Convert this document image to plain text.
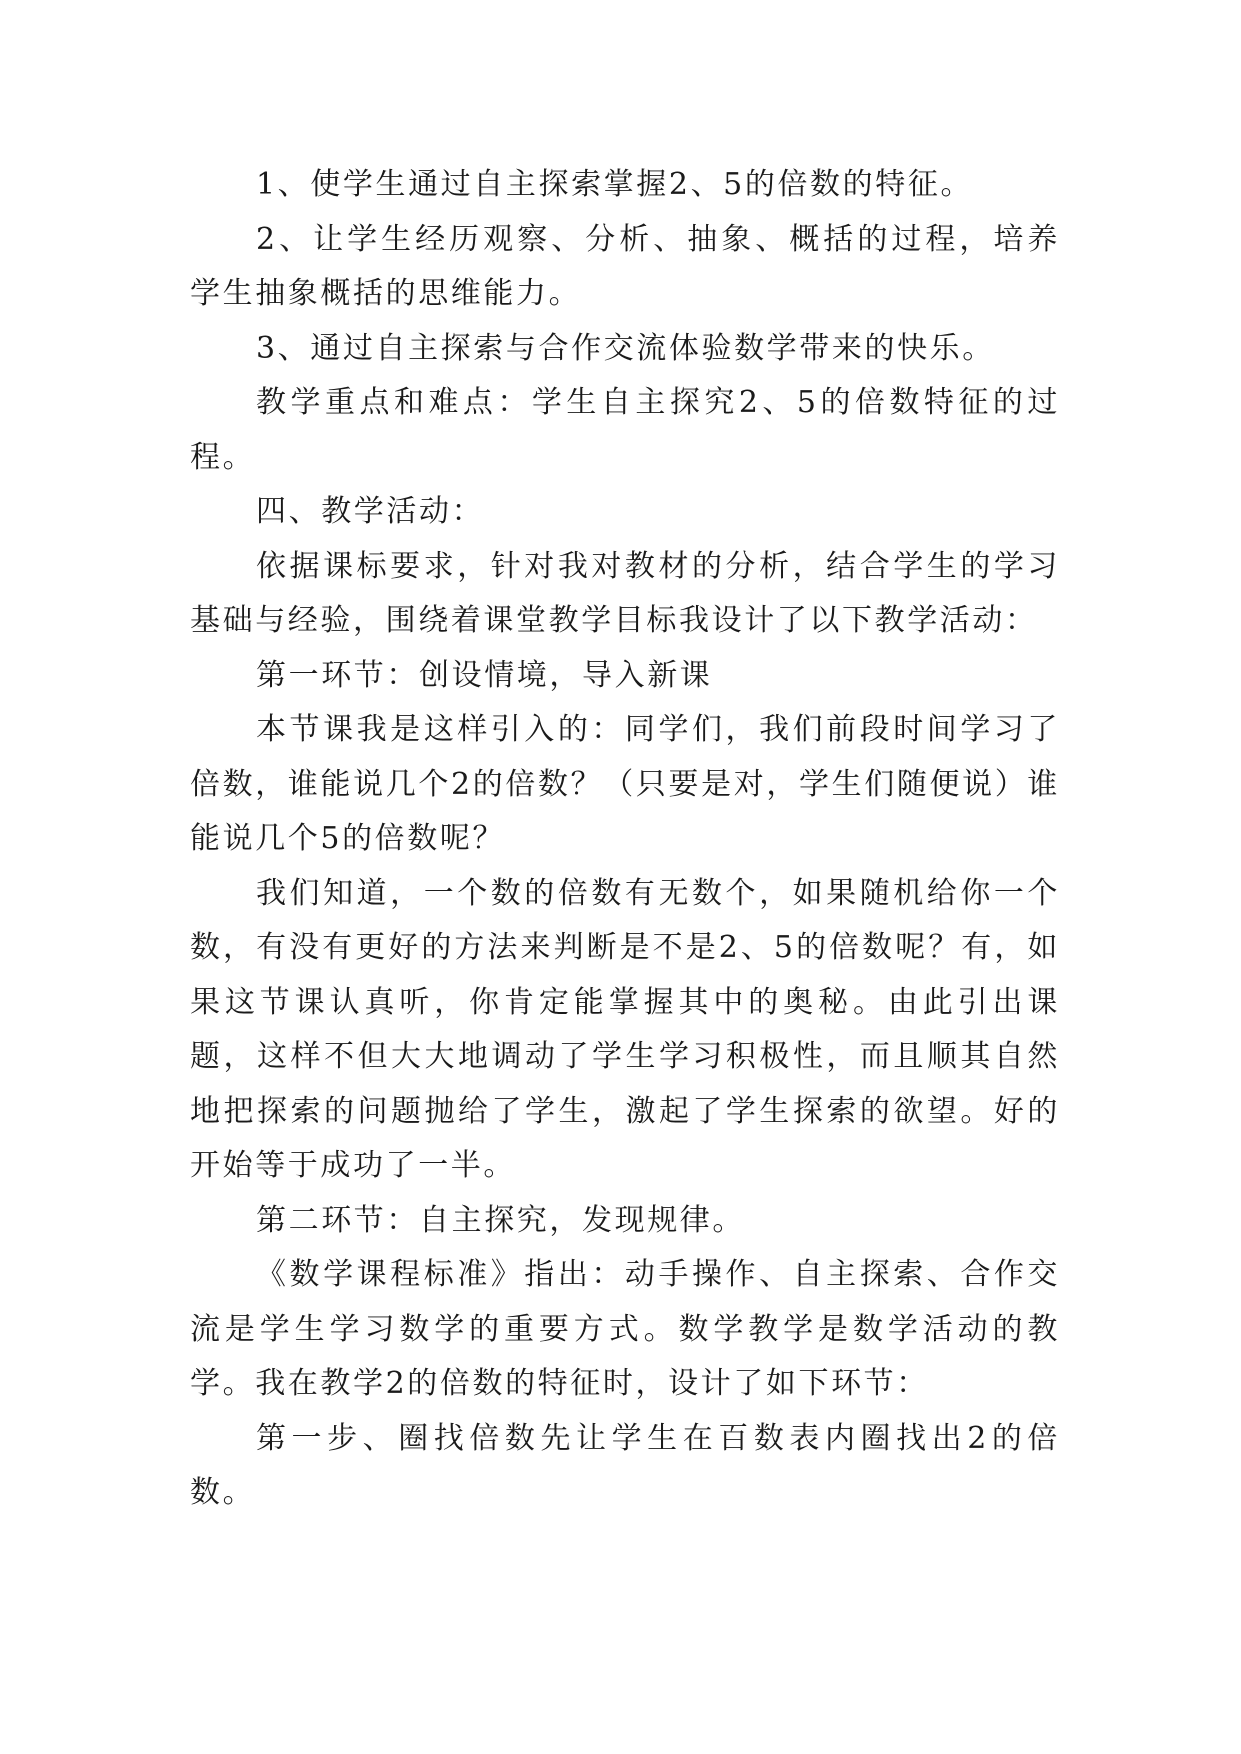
1、使学生通过自主探索掌握2、5的倍数的特征。

2、让学生经历观察、分析、抽象、概括的过程，培养学生抽象概括的思维能力。

3、通过自主探索与合作交流体验数学带来的快乐。

教学重点和难点：学生自主探究2、5的倍数特征的过程。

四、教学活动：

依据课标要求，针对我对教材的分析，结合学生的学习基础与经验，围绕着课堂教学目标我设计了以下教学活动：

第一环节：创设情境，导入新课

本节课我是这样引入的：同学们，我们前段时间学习了倍数，谁能说几个2的倍数？（只要是对，学生们随便说）谁能说几个5的倍数呢？

我们知道，一个数的倍数有无数个，如果随机给你一个数，有没有更好的方法来判断是不是2、5的倍数呢？有，如果这节课认真听，你肯定能掌握其中的奥秘。由此引出课题，这样不但大大地调动了学生学习积极性，而且顺其自然地把探索的问题抛给了学生，激起了学生探索的欲望。好的开始等于成功了一半。

第二环节：自主探究，发现规律。

《数学课程标准》指出：动手操作、自主探索、合作交流是学生学习数学的重要方式。数学教学是数学活动的教学。我在教学2的倍数的特征时，设计了如下环节：

第一步、圈找倍数先让学生在百数表内圈找出2的倍数。
